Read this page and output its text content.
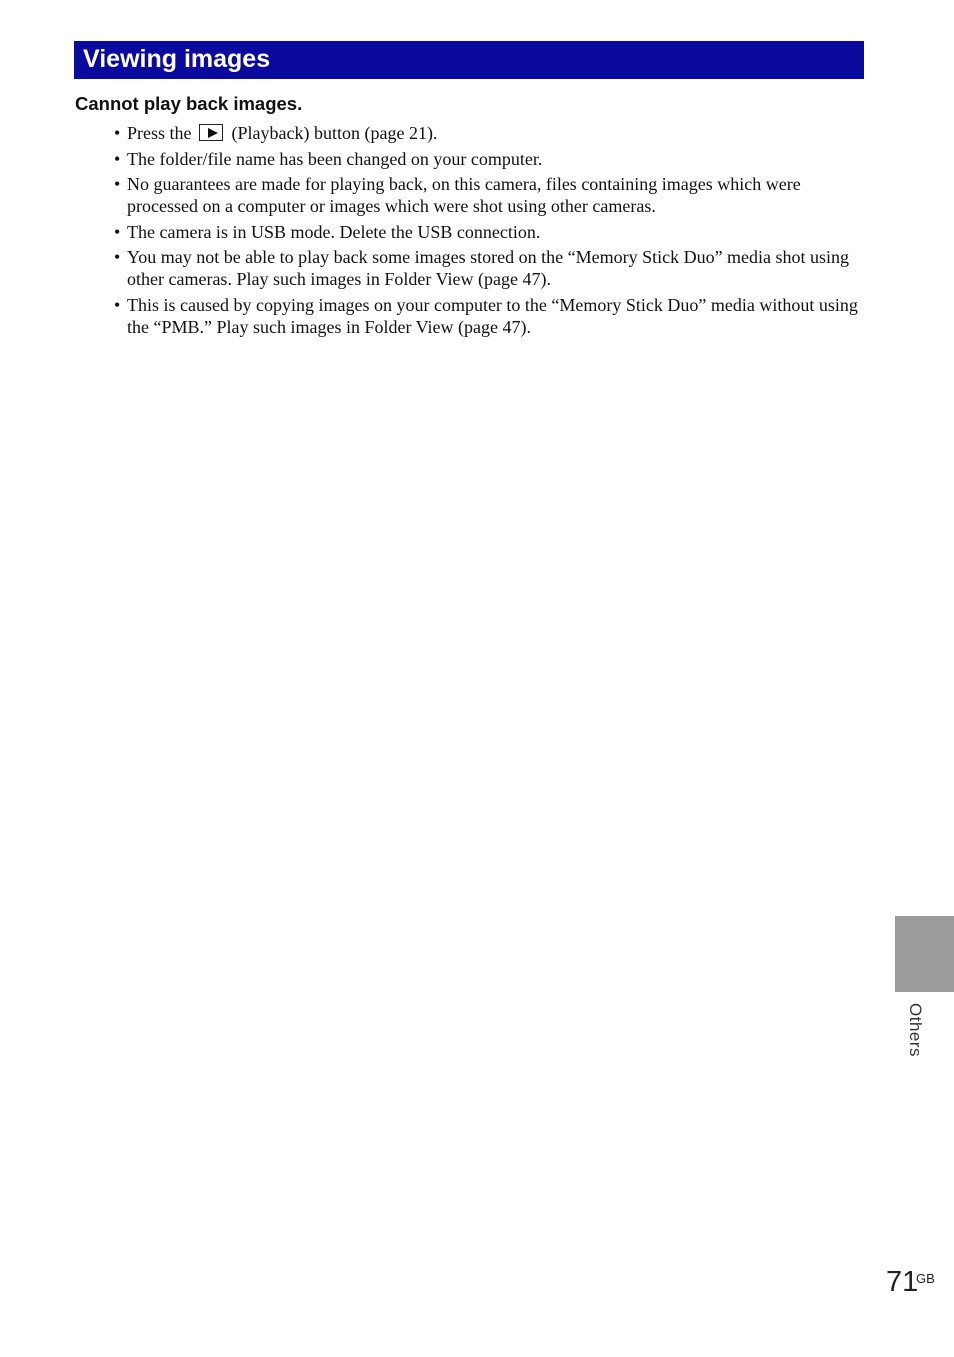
Viewing images
Cannot play back images.
• Press the (Playback) button (page 21).
• The folder/file name has been changed on your computer.
• No guarantees are made for playing back, on this camera, files containing images which were processed on a computer or images which were shot using other cameras.
• The camera is in USB mode. Delete the USB connection.
• You may not be able to play back some images stored on the “Memory Stick Duo” media shot using other cameras. Play such images in Folder View (page 47).
• This is caused by copying images on your computer to the “Memory Stick Duo” media without using the “PMB.” Play such images in Folder View (page 47).
Others
71
GB
